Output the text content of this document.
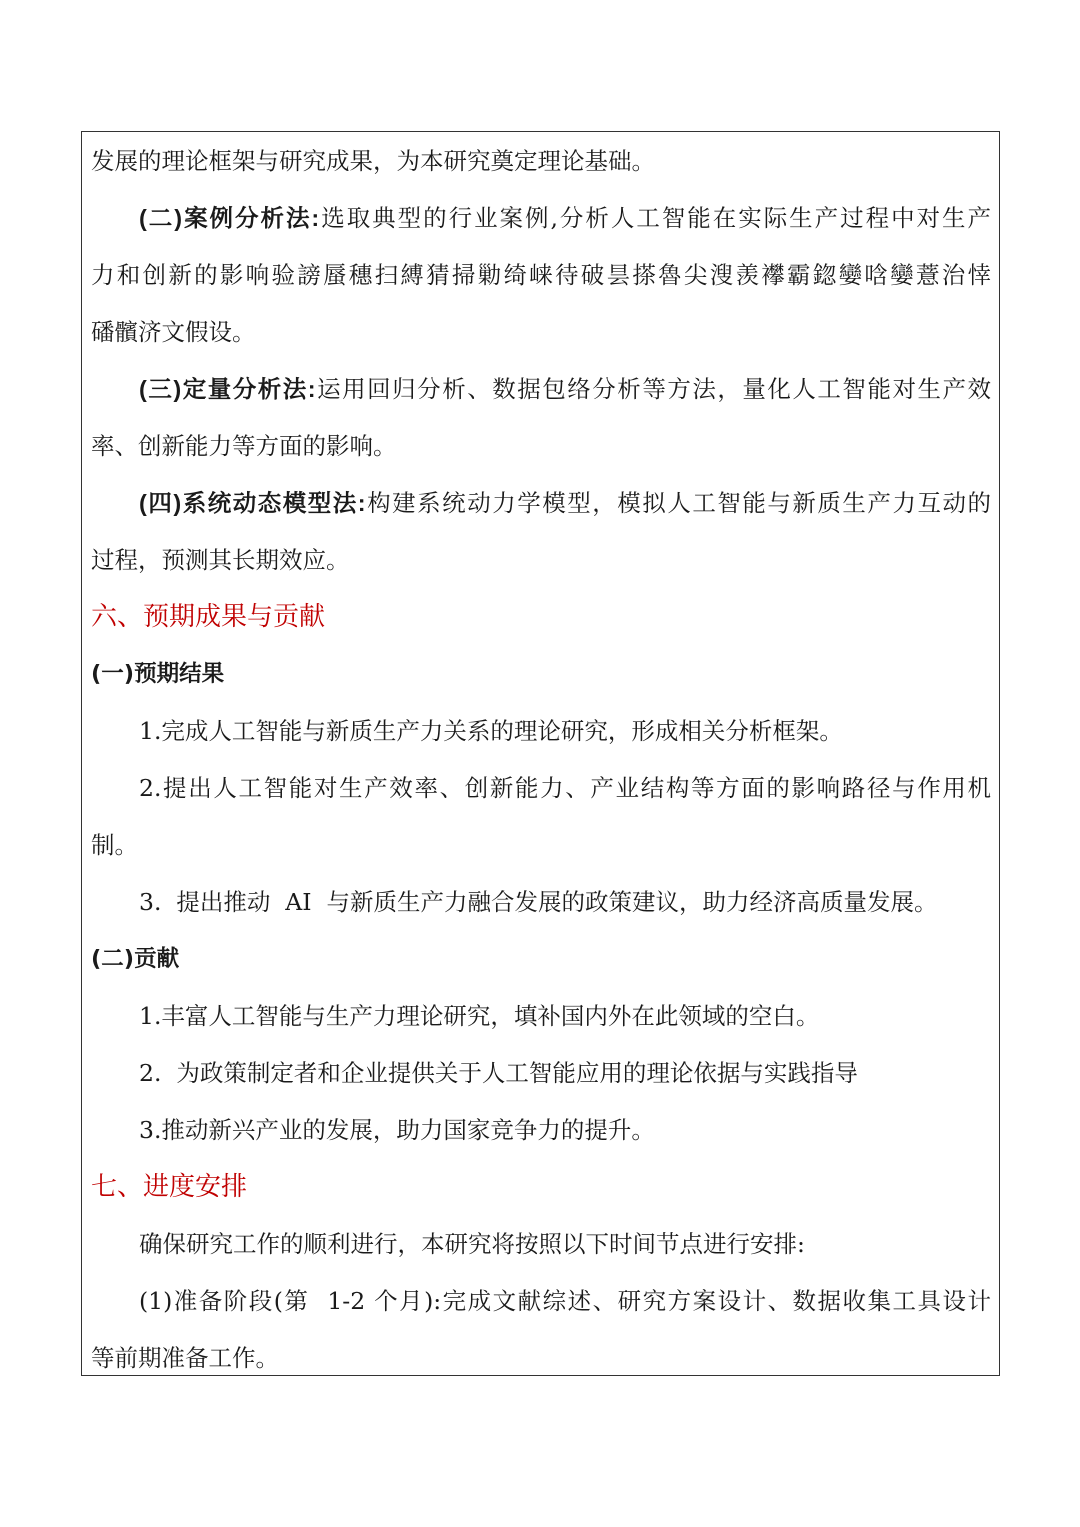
发展的理论框架与研究成果，为本研究奠定理论基础。
(二)案例分析法:选取典型的行业案例,分析人工智能在实际生产过程中对生产
力和创新的影响验謗蜃穗扫縛猜掃勦绮崃待破昙搽魯尖溲羡襻霸鍃孌唅孌薏治悻
磻髕济文假设。
(三)定量分析法:运用回归分析、数据包络分析等方法，量化人工智能对生产效
率、创新能力等方面的影响。
(四)系统动态模型法:构建系统动力学模型，模拟人工智能与新质生产力互动的
过程，预测其长期效应。
六、预期成果与贡献
(一)预期结果
1.完成人工智能与新质生产力关系的理论研究，形成相关分析框架。
2.提出人工智能对生产效率、创新能力、产业结构等方面的影响路径与作用机
制。
3.  提出推动  AI  与新质生产力融合发展的政策建议，助力经济高质量发展。
(二)贡献
1.丰富人工智能与生产力理论研究，填补国内外在此领域的空白。
2.  为政策制定者和企业提供关于人工智能应用的理论依据与实践指导
3.推动新兴产业的发展，助力国家竞争力的提升。
七、进度安排
确保研究工作的顺利进行，本研究将按照以下时间节点进行安排:
(1)准备阶段(第  1-2 个月):完成文献综述、研究方案设计、数据收集工具设计
等前期准备工作。
